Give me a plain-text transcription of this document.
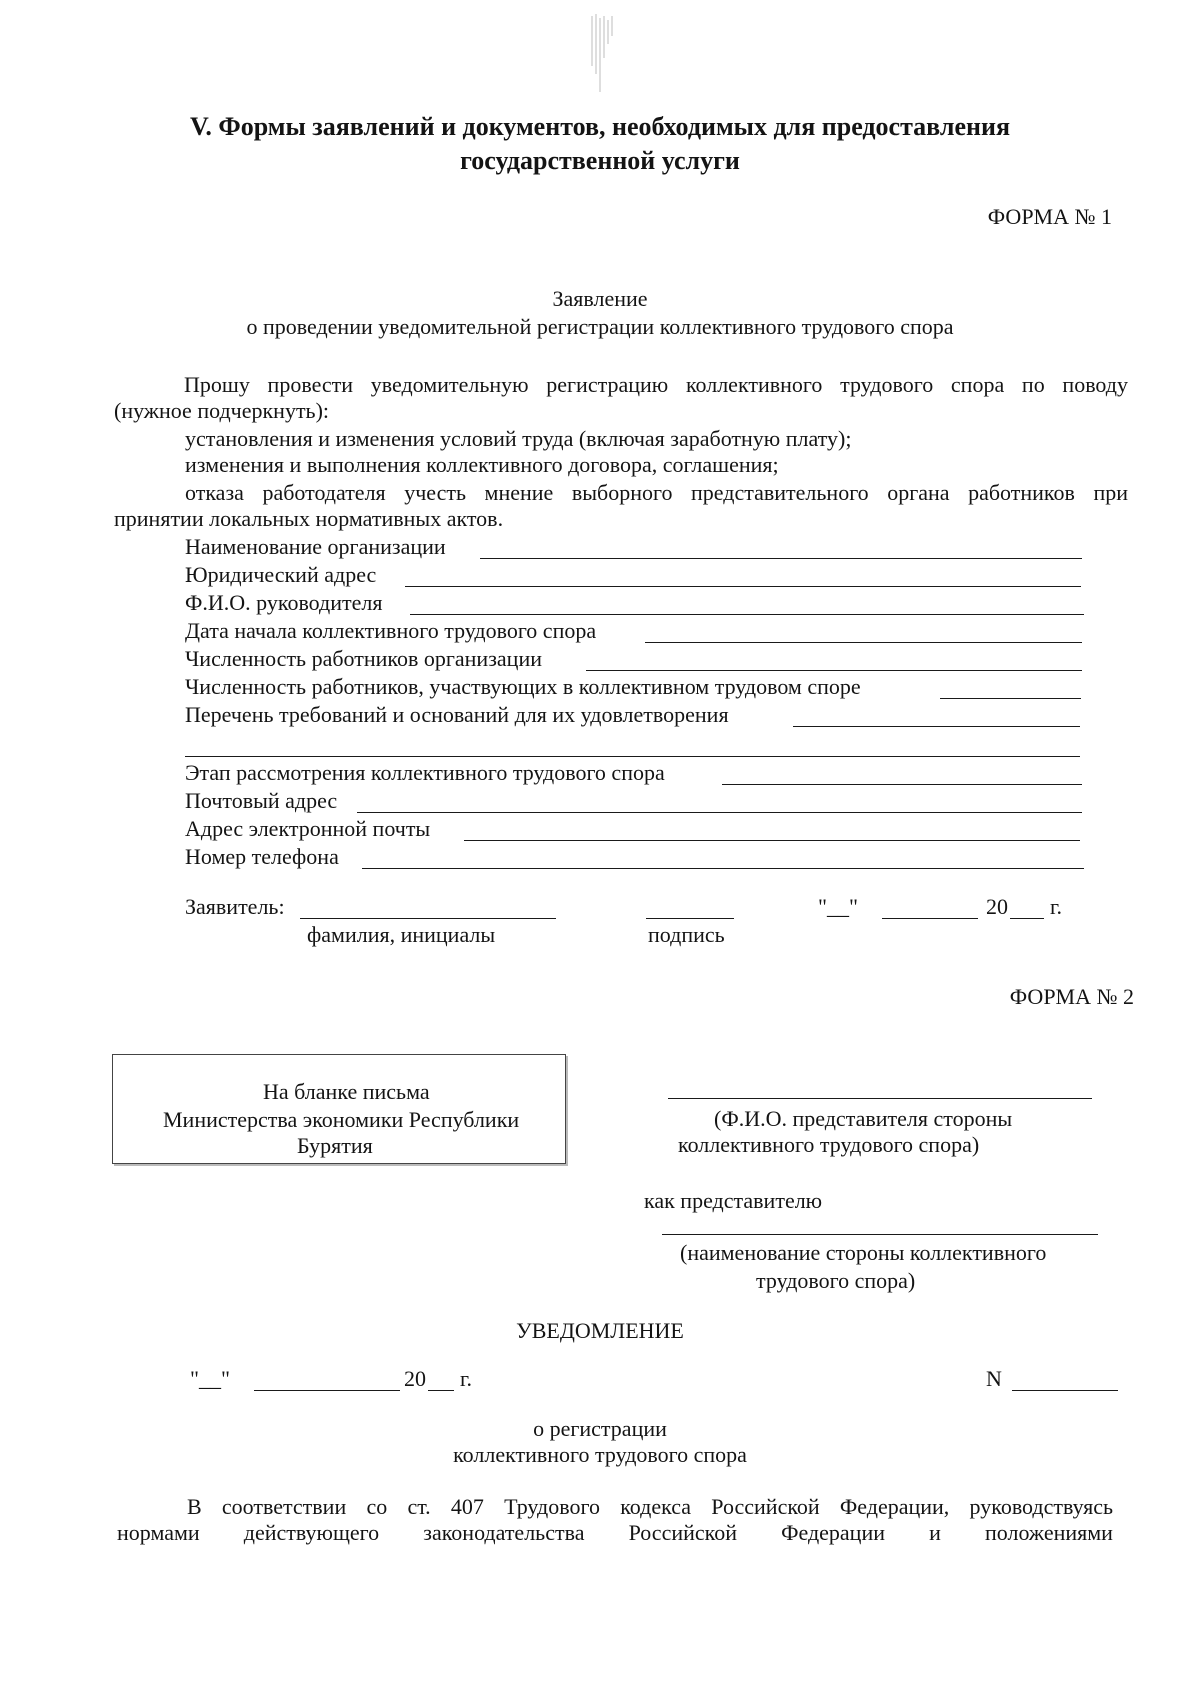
V. Формы заявлений и документов, необходимых для предоставления
государственной услуги
ФОРМА № 1
Заявление
о проведении уведомительной регистрации коллективного трудового спора
Прошу провести уведомительную регистрацию коллективного трудового спора по поводу
(нужное подчеркнуть):
установления и изменения условий труда (включая заработную плату);
изменения и выполнения коллективного договора, соглашения;
отказа работодателя учесть мнение выборного представительного органа работников при
принятии локальных нормативных актов.
Наименование организации
Юридический адрес
Ф.И.О. руководителя
Дата начала коллективного трудового спора
Численность работников организации
Численность работников, участвующих в коллективном трудовом споре
Перечень требований и оснований для их удовлетворения
Этап рассмотрения коллективного трудового спора
Почтовый адрес
Адрес электронной почты
Номер телефона
Заявитель:	"__"	20 г.
фамилия, инициалы	подпись
ФОРМА № 2
На бланке письма
Министерства экономики Республики
Бурятия
(Ф.И.О. представителя стороны
коллективного трудового спора)
как представителю
(наименование стороны коллективного
трудового спора)
УВЕДОМЛЕНИЕ
"__"	20 г.	N
о регистрации
коллективного трудового спора
В соответствии со ст. 407 Трудового кодекса Российской Федерации, руководствуясь
нормами действующего законодательства Российской Федерации и положениями
